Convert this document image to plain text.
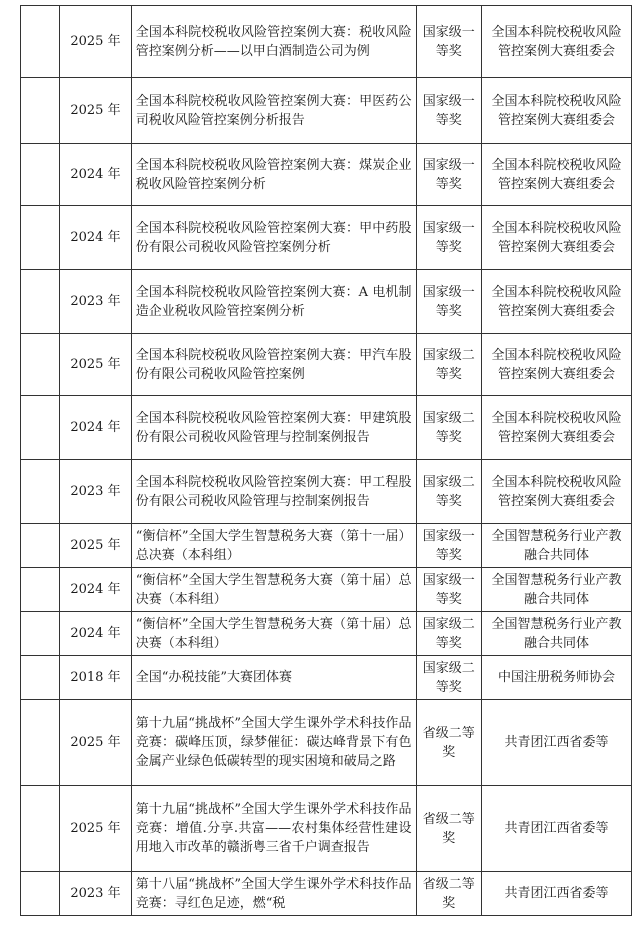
	2025 年	全国本科院校税收风险管控案例大赛：税收风险管控案例分析——以甲白酒制造公司为例	国家级一等奖	全国本科院校税收风险管控案例大赛组委会
	2025 年	全国本科院校税收风险管控案例大赛：甲医药公司税收风险管控案例分析报告	国家级一等奖	全国本科院校税收风险管控案例大赛组委会
	2024 年	全国本科院校税收风险管控案例大赛：煤炭企业税收风险管控案例分析	国家级一等奖	全国本科院校税收风险管控案例大赛组委会
	2024 年	全国本科院校税收风险管控案例大赛：甲中药股份有限公司税收风险管控案例分析	国家级一等奖	全国本科院校税收风险管控案例大赛组委会
	2023 年	全国本科院校税收风险管控案例大赛：A 电机制造企业税收风险管控案例分析	国家级一等奖	全国本科院校税收风险管控案例大赛组委会
	2025 年	全国本科院校税收风险管控案例大赛：甲汽车股份有限公司税收风险管控案例	国家级二等奖	全国本科院校税收风险管控案例大赛组委会
	2024 年	全国本科院校税收风险管控案例大赛：甲建筑股份有限公司税收风险管理与控制案例报告	国家级二等奖	全国本科院校税收风险管控案例大赛组委会
	2023 年	全国本科院校税收风险管控案例大赛：甲工程股份有限公司税收风险管理与控制案例报告	国家级二等奖	全国本科院校税收风险管控案例大赛组委会
	2025 年	“衡信杯”全国大学生智慧税务大赛（第十一届）总决赛（本科组）	国家级一等奖	全国智慧税务行业产教融合共同体
	2024 年	“衡信杯”全国大学生智慧税务大赛（第十届）总决赛（本科组）	国家级一等奖	全国智慧税务行业产教融合共同体
	2024 年	“衡信杯”全国大学生智慧税务大赛（第十届）总决赛（本科组）	国家级二等奖	全国智慧税务行业产教融合共同体
	2018 年	全国“办税技能”大赛团体赛	国家级二等奖	中国注册税务师协会
	2025 年	第十九届“挑战杯”全国大学生课外学术科技作品竞赛：碳峰压顶，绿梦催征：碳达峰背景下有色金属产业绿色低碳转型的现实困境和破局之路	省级二等奖	共青团江西省委等
	2025 年	第十九届“挑战杯”全国大学生课外学术科技作品竞赛：增值.分享.共富——农村集体经营性建设用地入市改革的赣浙粤三省千户调查报告	省级二等奖	共青团江西省委等
	2023 年	第十八届“挑战杯”全国大学生课外学术科技作品竞赛：寻红色足迹，燃“税	省级二等奖	共青团江西省委等
